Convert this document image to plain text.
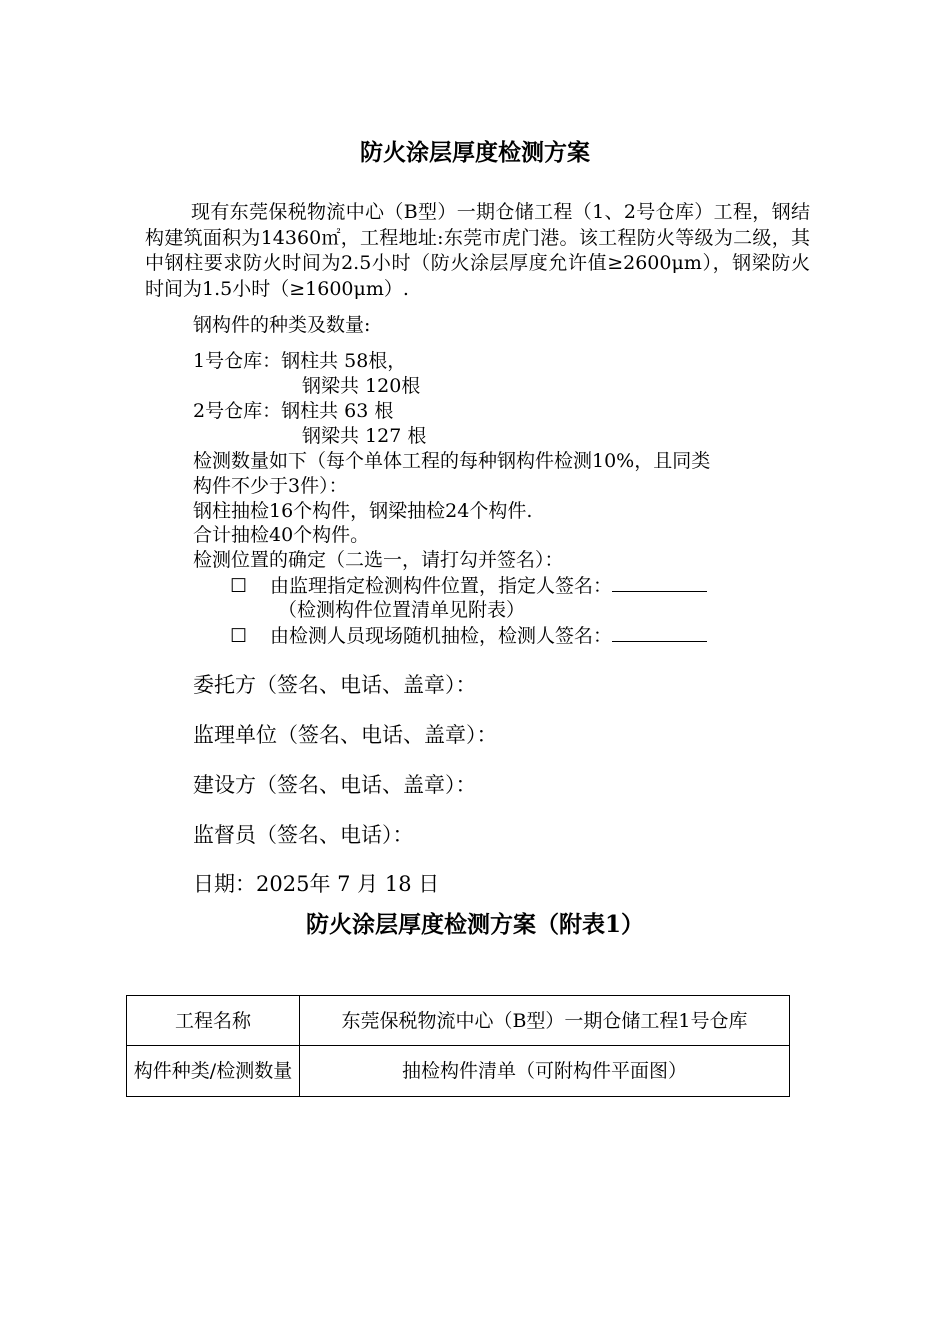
防火涂层厚度检测方案
现有东莞保税物流中心（B型）一期仓储工程（1、2号仓库）工程，钢结构建筑面积为14360㎡，工程地址:东莞市虎门港。该工程防火等级为二级，其中钢柱要求防火时间为2.5小时（防火涂层厚度允许值≥2600μm），钢梁防火时间为1.5小时（≥1600μm）.
钢构件的种类及数量:
1号仓库：钢柱共 58根，
钢梁共 120根
2号仓库：钢柱共 63 根
钢梁共 127 根
检测数量如下（每个单体工程的每种钢构件检测10%，且同类
构件不少于3件）：
钢柱抽检16个构件，钢梁抽检24个构件.
合计抽检40个构件。
检测位置的确定（二选一，请打勾并签名）：
☐ 由监理指定检测构件位置，指定人签名：
（检测构件位置清单见附表）
☐ 由检测人员现场随机抽检，检测人签名：
委托方（签名、电话、盖章）：
监理单位（签名、电话、盖章）：
建设方（签名、电话、盖章）：
监督员（签名、电话）：
日期：2025年 7 月 18 日
防火涂层厚度检测方案（附表1）
工程名称	东莞保税物流中心（B型）一期仓储工程1号仓库
构件种类/检测数量	抽检构件清单（可附构件平面图）
